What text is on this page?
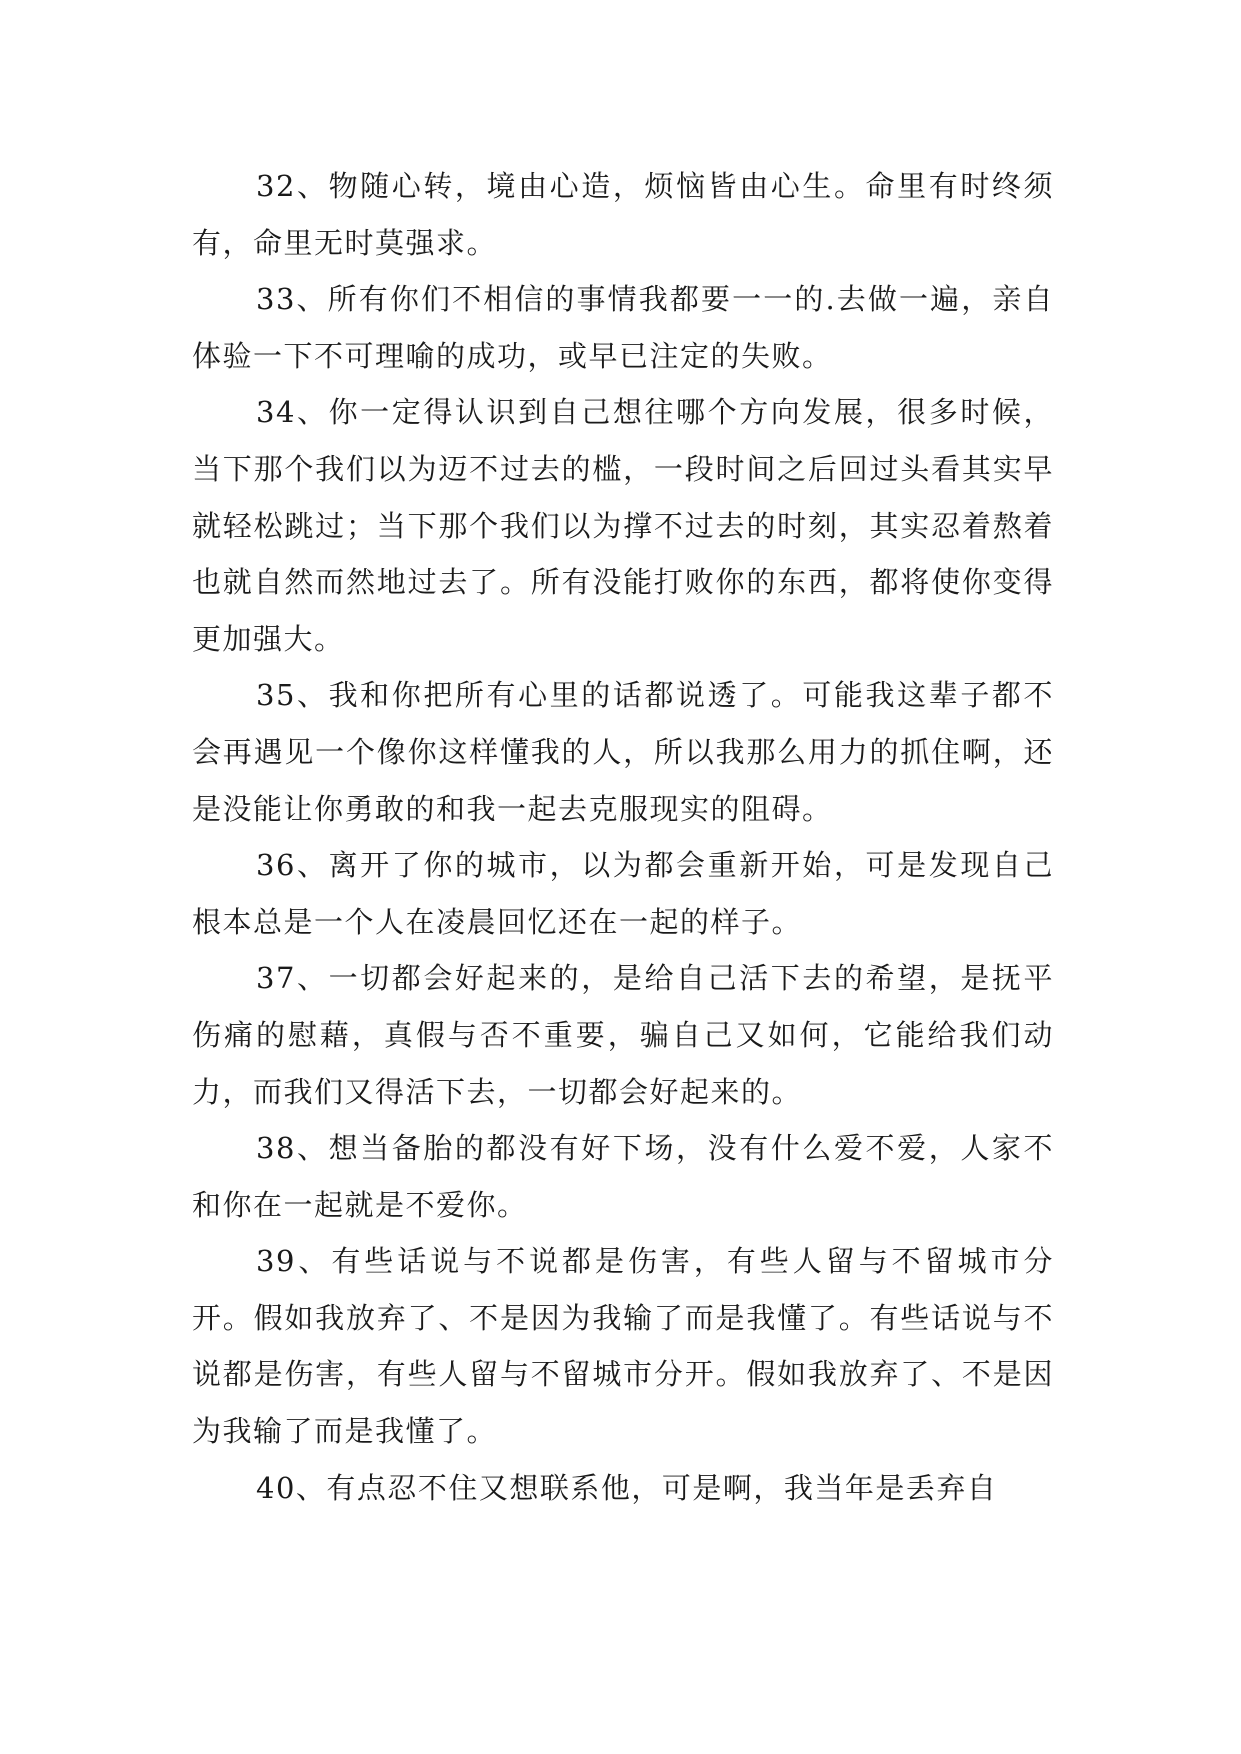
32、物随心转，境由心造，烦恼皆由心生。命里有时终须有，命里无时莫强求。

33、所有你们不相信的事情我都要一一的.去做一遍，亲自体验一下不可理喻的成功，或早已注定的失败。

34、你一定得认识到自己想往哪个方向发展，很多时候，当下那个我们以为迈不过去的槛，一段时间之后回过头看其实早就轻松跳过；当下那个我们以为撑不过去的时刻，其实忍着熬着也就自然而然地过去了。所有没能打败你的东西，都将使你变得更加强大。

35、我和你把所有心里的话都说透了。可能我这辈子都不会再遇见一个像你这样懂我的人，所以我那么用力的抓住啊，还是没能让你勇敢的和我一起去克服现实的阻碍。

36、离开了你的城市，以为都会重新开始，可是发现自己根本总是一个人在凌晨回忆还在一起的样子。

37、一切都会好起来的，是给自己活下去的希望，是抚平伤痛的慰藉，真假与否不重要，骗自己又如何，它能给我们动力，而我们又得活下去，一切都会好起来的。

38、想当备胎的都没有好下场，没有什么爱不爱，人家不和你在一起就是不爱你。

39、有些话说与不说都是伤害，有些人留与不留城市分开。假如我放弃了、不是因为我输了而是我懂了。有些话说与不说都是伤害，有些人留与不留城市分开。假如我放弃了、不是因为我输了而是我懂了。

40、有点忍不住又想联系他，可是啊，我当年是丢弃自
